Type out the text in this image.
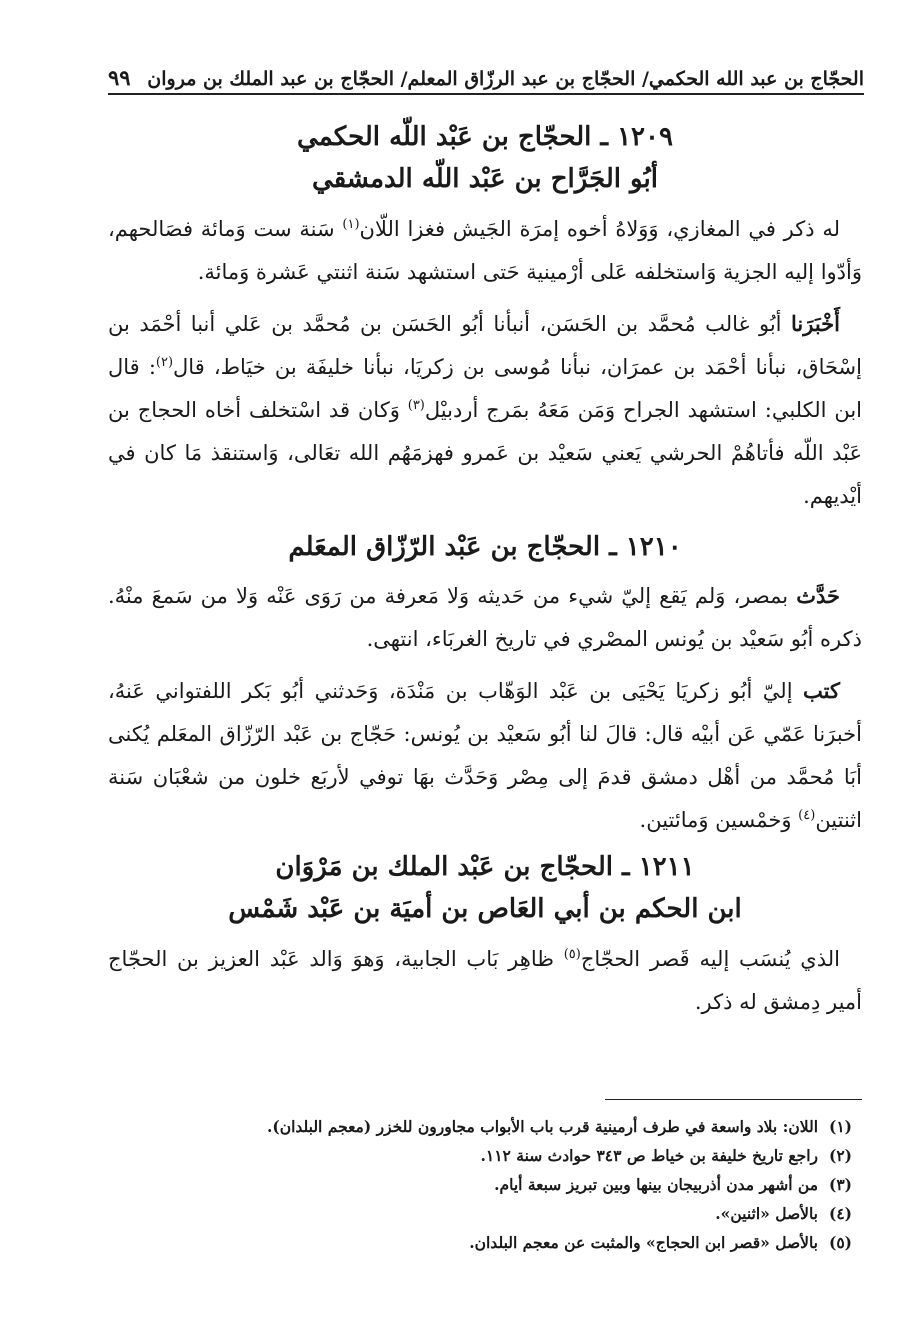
الحجّاج بن عبد الله الحكمي/ الحجّاج بن عبد الرزّاق المعلم/ الحجّاج بن عبد الملك بن مروان
٩٩
١٢٠٩ ـ الحجّاج بن عَبْد اللّه الحكمي
أبُو الجَرَّاح بن عَبْد اللّه الدمشقي

له ذكر في المغازي، وَوَلاهُ أخوه إمرَة الجَيش فغزا اللّان$^{(١)}$ سَنة ست وَمائة فصَالحهم، وَأدّوا إليه الجزية وَاستخلفه عَلى أرْمينية حَتى استشهد سَنة اثنتي عَشرة وَمائة.

أَخْبَرَنا أبُو غالب مُحمَّد بن الحَسَن، أنبأنا أبُو الحَسَن بن مُحمَّد بن عَلي أنبا أحْمَد بن إسْحَاق، نبأنا أحْمَد بن عمرَان، نبأنا مُوسى بن زكريَا، نبأنا خليفَة بن خيَاط، قال$^{(٢)}$: قال ابن الكلبي: استشهد الجراح وَمَن مَعَهُ بمَرج أردبيْل$^{(٣)}$ وَكان قد اسْتخلف أخاه الحجاج بن عَبْد اللّه فأتاهُمْ الحرشي يَعني سَعيْد بن عَمرو فهزمَهُم الله تعَالى، وَاستنقذ مَا كان في أيْديهم.

١٢١٠ ـ الحجّاج بن عَبْد الرّزّاق المعَلم

حَدَّث بمصر، وَلم يَقع إليّ شيء من حَديثه وَلا مَعرفة من رَوَى عَنْه وَلا من سَمعَ منْهُ. ذكره أبُو سَعيْد بن يُونس المصْري في تاريخ الغربَاء، انتهى.

كتب إليّ أبُو زكريَا يَحْيَى بن عَبْد الوَهّاب بن مَنْدَة، وَحَدثني أبُو بَكر اللفتواني عَنهُ، أخبرَنا عَمّي عَن أبيْه قال: قالَ لنا أبُو سَعيْد بن يُونس: حَجّاج بن عَبْد الرّزّاق المعَلم يُكنى أبَا مُحمَّد من أهْل دمشق قدمَ إلى مِصْر وَحَدَّث بهَا توفي لأربَع خلون من شعْبَان سَنة اثنتين$^{(٤)}$ وَخمْسين وَمائتين.

١٢١١ ـ الحجّاج بن عَبْد الملك بن مَرْوَان
ابن الحكم بن أبي العَاص بن أميَة بن عَبْد شَمْس

الذي يُنسَب إليه قَصر الحجّاج$^{(٥)}$ ظاهِر بَاب الجابية، وَهوَ وَالد عَبْد العزيز بن الحجّاج أمير دِمشق له ذكر.

(١)
اللان: بلاد واسعة في طرف أرمينية قرب باب الأبواب مجاورون للخزر (معجم البلدان).
(٢)
راجع تاريخ خليفة بن خياط ص ٣٤٣ حوادث سنة ١١٢.
(٣)
من أشهر مدن أذربيجان بينها وبين تبريز سبعة أيام.
(٤)
بالأصل «اثنين».
(٥)
بالأصل «قصر ابن الحجاج» والمثبت عن معجم البلدان.
